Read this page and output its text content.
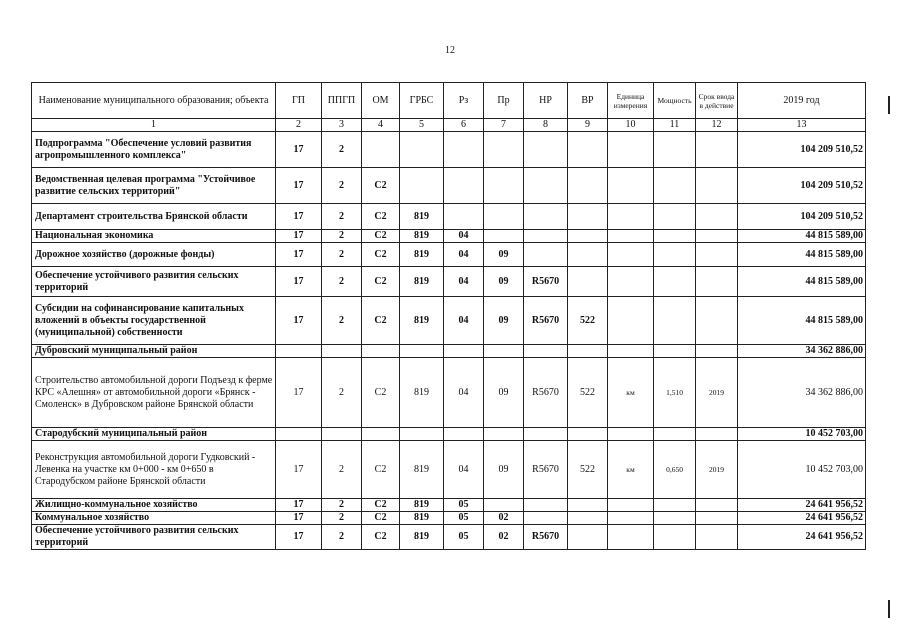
12
Наименование муниципального образования; объекта	ГП	ППГП	ОМ	ГРБС	Рз	Пр	НР	ВР	Единица измерения	Мощность	Срок ввода в действие	2019 год
1	2	3	4	5	6	7	8	9	10	11	12	13
Подпрограмма "Обеспечение условий развития агропромышленного комплекса"	17	2										104 209 510,52
Ведомственная целевая программа "Устойчивое развитие сельских территорий"	17	2	С2									104 209 510,52
Департамент строительства Брянской области	17	2	С2	819								104 209 510,52
Национальная экономика	17	2	С2	819	04							44 815 589,00
Дорожное хозяйство (дорожные фонды)	17	2	С2	819	04	09						44 815 589,00
Обеспечение устойчивого развития сельских территорий	17	2	С2	819	04	09	R5670					44 815 589,00
Субсидии на софинансирование капитальных вложений в объекты государственной (муниципальной) собственности	17	2	С2	819	04	09	R5670	522				44 815 589,00
Дубровский муниципальный район												34 362 886,00
Строительство автомобильной дороги Подъезд к ферме КРС «Алешня» от автомобильной дороги «Брянск - Смоленск» в Дубровском районе Брянской области	17	2	С2	819	04	09	R5670	522	км	1,510	2019	34 362 886,00
Стародубский муниципальный район												10 452 703,00
Реконструкция автомобильной дороги Гудковский - Левенка на участке км 0+000 - км 0+650 в Стародубском районе Брянской области	17	2	С2	819	04	09	R5670	522	км	0,650	2019	10 452 703,00
Жилищно-коммунальное хозяйство	17	2	С2	819	05							24 641 956,52
Коммунальное хозяйство	17	2	С2	819	05	02						24 641 956,52
Обеспечение устойчивого развития сельских территорий	17	2	С2	819	05	02	R5670					24 641 956,52
